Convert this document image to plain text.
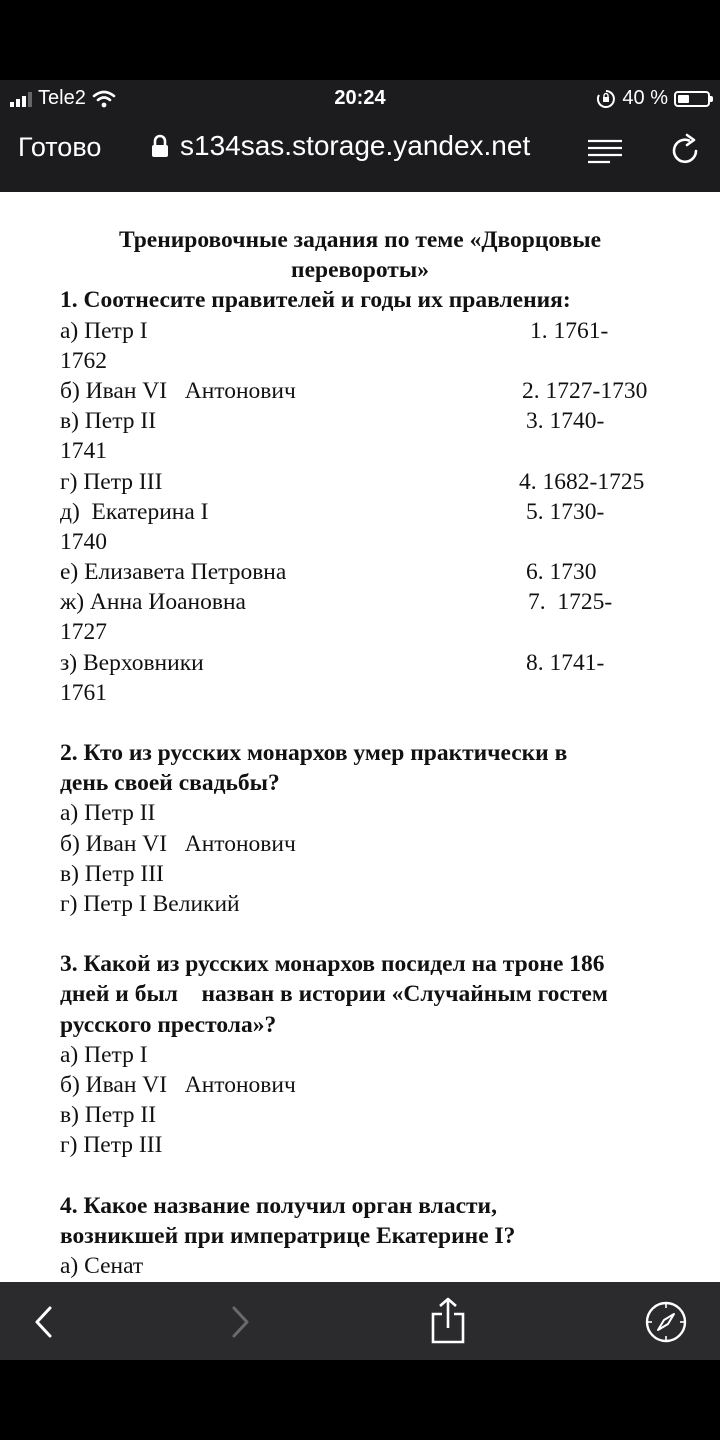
Tele2	20:24	40 %
Готово	s134sas.storage.yandex.net

Тренировочные задания по теме «Дворцовые перевороты»

1. Соотнесите правителей и годы их правления:

а) Петр I	1. 1761-
1762
б) Иван VI   Антонович	2. 1727-1730
в) Петр II	3. 1740-
1741
г) Петр III	4. 1682-1725
д)  Екатерина I	5. 1730-
1740
е) Елизавета Петровна	6. 1730
ж) Анна Иоановна	7.  1725-
1727
з) Верховники	8. 1741-
1761

2. Кто из русских монархов умер практически в

день своей свадьбы?

а) Петр II

б) Иван VI   Антонович

в) Петр III

г) Петр I Великий

3. Какой из русских монархов посидел на троне 186

дней и был    назван в истории «Случайным гостем

русского престола»?

а) Петр I

б) Иван VI   Антонович

в) Петр II

г) Петр III

4. Какое название получил орган власти,

возникшей при императрице Екатерине I?

а) Сенат
